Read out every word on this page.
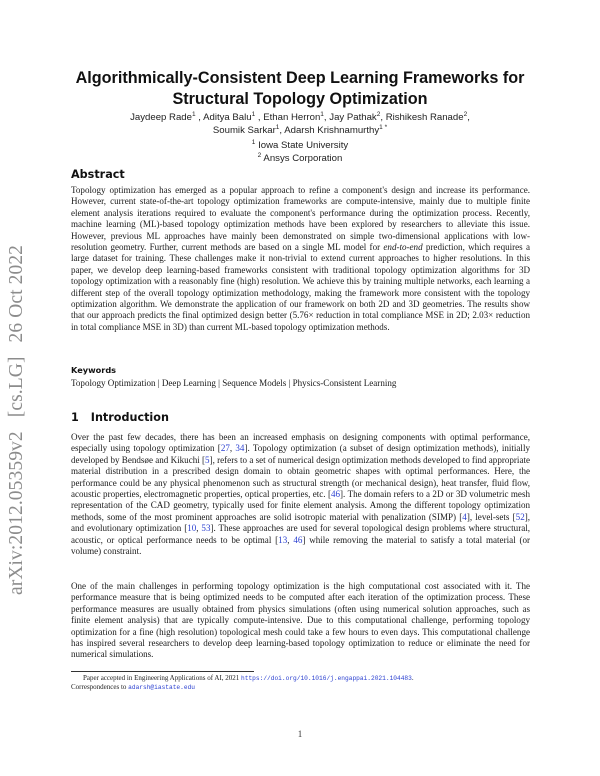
arXiv:2012.05359v2 [cs.LG] 26 Oct 2022
Algorithmically-Consistent Deep Learning Frameworks for
Structural Topology Optimization
Jaydeep Rade$^1$ , Aditya Balu$^1$ , Ethan Herron$^1$, Jay Pathak$^2$, Rishikesh Ranade$^2$,
Soumik Sarkar$^1$, Adarsh Krishnamurthy$^{1 *}$
$^1$ Iowa State University
$^2$ Ansys Corporation
Abstract

Topology optimization has emerged as a popular approach to refine a component's design and increase its performance. However, current state-of-the-art topology optimization frameworks are compute-intensive, mainly due to multiple finite element analysis iterations required to evaluate the component's performance during the optimization process. Recently, machine learning (ML)-based topology optimization methods have been explored by researchers to alleviate this issue. However, previous ML approaches have mainly been demonstrated on simple two-dimensional applications with low-resolution geometry. Further, current methods are based on a single ML model for end-to-end prediction, which requires a large dataset for training. These challenges make it non-trivial to extend current approaches to higher resolutions. In this paper, we develop deep learning-based frameworks consistent with traditional topology optimization algorithms for 3D topology optimization with a reasonably fine (high) resolution. We achieve this by training multiple networks, each learning a different step of the overall topology optimization methodology, making the framework more consistent with the topology optimization algorithm. We demonstrate the application of our framework on both 2D and 3D geometries. The results show that our approach predicts the final optimized design better (5.76× reduction in total compliance MSE in 2D; 2.03× reduction in total compliance MSE in 3D) than current ML-based topology optimization methods.

Keywords

Topology Optimization | Deep Learning | Sequence Models | Physics-Consistent Learning

1 Introduction

Over the past few decades, there has been an increased emphasis on designing components with optimal performance, especially using topology optimization [27, 34]. Topology optimization (a subset of design optimization methods), initially developed by Bendsøe and Kikuchi [5], refers to a set of numerical design optimization methods developed to find appropriate material distribution in a prescribed design domain to obtain geometric shapes with optimal performances. Here, the performance could be any physical phenomenon such as structural strength (or mechanical design), heat transfer, fluid flow, acoustic properties, electromagnetic properties, optical properties, etc. [46]. The domain refers to a 2D or 3D volumetric mesh representation of the CAD geometry, typically used for finite element analysis. Among the different topology optimization methods, some of the most prominent approaches are solid isotropic material with penalization (SIMP) [4], level-sets [52], and evolutionary optimization [10, 53]. These approaches are used for several topological design problems where structural, acoustic, or optical performance needs to be optimal [13, 46] while removing the material to satisfy a total material (or volume) constraint.

One of the main challenges in performing topology optimization is the high computational cost associated with it. The performance measure that is being optimized needs to be computed after each iteration of the optimization process. These performance measures are usually obtained from physics simulations (often using numerical solution approaches, such as finite element analysis) that are typically compute-intensive. Due to this computational challenge, performing topology optimization for a fine (high resolution) topological mesh could take a few hours to even days. This computational challenge has inspired several researchers to develop deep learning-based topology optimization to reduce or eliminate the need for numerical simulations.

Paper accepted in Engineering Applications of AI, 2021 https://doi.org/10.1016/j.engappai.2021.104483.
Correspondences to adarsh@iastate.edu
1
